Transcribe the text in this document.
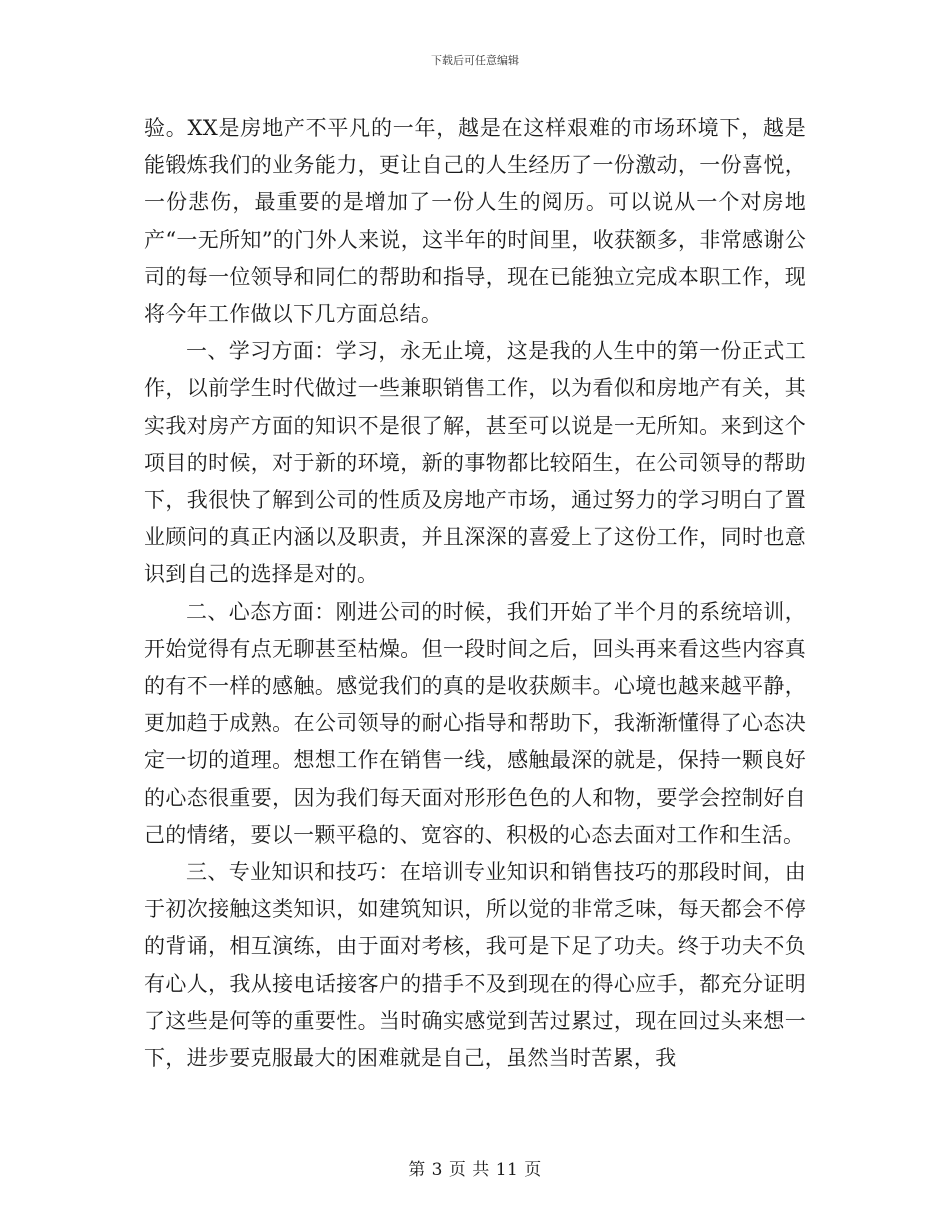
下载后可任意编辑

验。XX是房地产不平凡的一年，越是在这样艰难的市场环境下，越是能锻炼我们的业务能力，更让自己的人生经历了一份激动，一份喜悦，一份悲伤，最重要的是增加了一份人生的阅历。可以说从一个对房地产“一无所知”的门外人来说，这半年的时间里，收获额多，非常感谢公司的每一位领导和同仁的帮助和指导，现在已能独立完成本职工作，现将今年工作做以下几方面总结。

一、学习方面：学习，永无止境，这是我的人生中的第一份正式工作，以前学生时代做过一些兼职销售工作，以为看似和房地产有关，其实我对房产方面的知识不是很了解，甚至可以说是一无所知。来到这个项目的时候，对于新的环境，新的事物都比较陌生，在公司领导的帮助下，我很快了解到公司的性质及房地产市场，通过努力的学习明白了置业顾问的真正内涵以及职责，并且深深的喜爱上了这份工作，同时也意识到自己的选择是对的。

二、心态方面：刚进公司的时候，我们开始了半个月的系统培训，开始觉得有点无聊甚至枯燥。但一段时间之后，回头再来看这些内容真的有不一样的感触。感觉我们的真的是收获颇丰。心境也越来越平静，更加趋于成熟。在公司领导的耐心指导和帮助下，我渐渐懂得了心态决定一切的道理。想想工作在销售一线，感触最深的就是，保持一颗良好的心态很重要，因为我们每天面对形形色色的人和物，要学会控制好自己的情绪，要以一颗平稳的、宽容的、积极的心态去面对工作和生活。

三、专业知识和技巧：在培训专业知识和销售技巧的那段时间，由于初次接触这类知识，如建筑知识，所以觉的非常乏味，每天都会不停的背诵，相互演练，由于面对考核，我可是下足了功夫。终于功夫不负有心人，我从接电话接客户的措手不及到现在的得心应手，都充分证明了这些是何等的重要性。当时确实感觉到苦过累过，现在回过头来想一下，进步要克服最大的困难就是自己，虽然当时苦累，我

第 3 页 共 11 页
